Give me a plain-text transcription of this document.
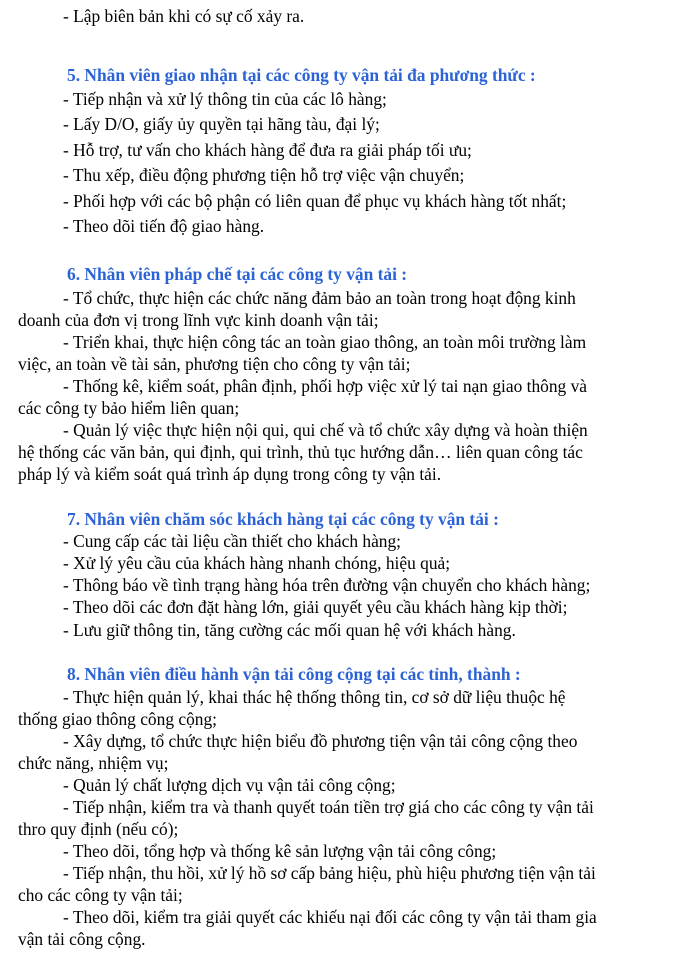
- Lập biên bản khi có sự cố xảy ra.
5. Nhân viên giao nhận tại các công ty vận tải đa phương thức :
- Tiếp nhận và xử lý thông tin của các lô hàng;
- Lấy D/O, giấy ủy quyền tại hãng tàu, đại lý;
- Hỗ trợ, tư vấn cho khách hàng để đưa ra giải pháp tối ưu;
- Thu xếp, điều động phương tiện hỗ trợ việc vận chuyển;
- Phối hợp với các bộ phận có liên quan để phục vụ khách hàng tốt nhất;
- Theo dõi tiến độ giao hàng.
6. Nhân viên pháp chế tại các công ty vận tải :
- Tổ chức, thực hiện các chức năng đảm bảo an toàn trong hoạt động kinh
doanh của đơn vị trong lĩnh vực kinh doanh vận tải;
- Triển khai, thực hiện công tác an toàn giao thông, an toàn môi trường làm
việc, an toàn về tài sản, phương tiện cho công ty vận tải;
- Thống kê, kiểm soát, phân định, phối hợp việc xử lý tai nạn giao thông và
các công ty bảo hiểm liên quan;
- Quản lý việc thực hiện nội qui, qui chế và tổ chức xây dựng và hoàn thiện
hệ thống các văn bản, qui định, qui trình, thủ tục hướng dẫn… liên quan công tác
pháp lý và kiểm soát quá trình áp dụng trong công ty vận tải.
7. Nhân viên chăm sóc khách hàng tại các công ty vận tải :
- Cung cấp các tài liệu cần thiết cho khách hàng;
- Xử lý yêu cầu của khách hàng nhanh chóng, hiệu quả;
- Thông báo về tình trạng hàng hóa trên đường vận chuyển cho khách hàng;
- Theo dõi các đơn đặt hàng lớn, giải quyết yêu cầu khách hàng kịp thời;
- Lưu giữ thông tin, tăng cường các mối quan hệ với khách hàng.
8. Nhân viên điều hành vận tải công cộng tại các tỉnh, thành :
- Thực hiện quản lý, khai thác hệ thống thông tin, cơ sở dữ liệu thuộc hệ
thống giao thông công cộng;
- Xây dựng, tổ chức thực hiện biểu đồ phương tiện vận tải công cộng theo
chức năng, nhiệm vụ;
- Quản lý chất lượng dịch vụ vận tải công cộng;
- Tiếp nhận, kiểm tra và thanh quyết toán tiền trợ giá cho các công ty vận tải
thro quy định (nếu có);
- Theo dõi, tổng hợp và thống kê sản lượng vận tải công công;
- Tiếp nhận, thu hồi, xử lý hồ sơ cấp bảng hiệu, phù hiệu phương tiện vận tải
cho các công ty vận tải;
- Theo dõi, kiểm tra giải quyết các khiếu nại đối các công ty vận tải tham gia
vận tải công cộng.
